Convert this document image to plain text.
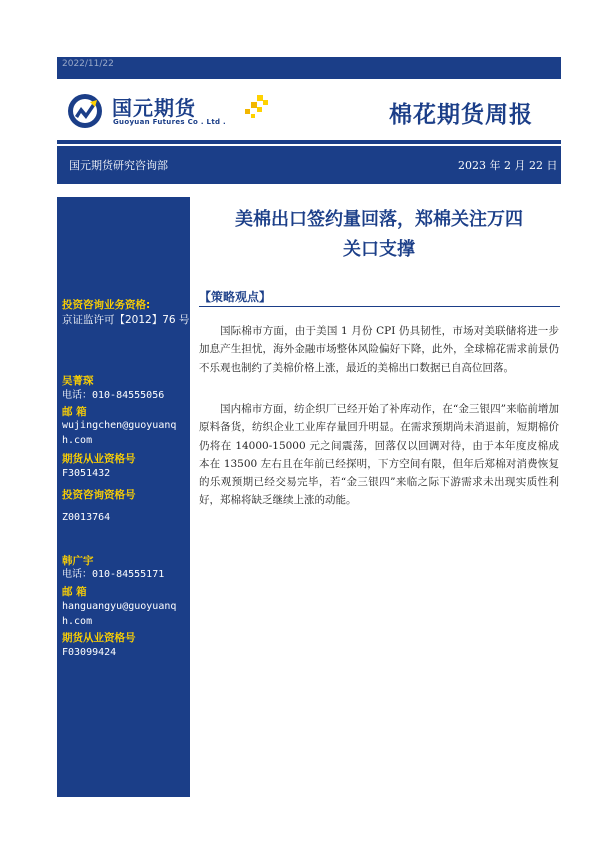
2022/11/22
国元期货
Guoyuan Futures Co . Ltd .	棉花期货周报
国元期货研究咨询部	2023 年 2 月 22 日
投资咨询业务资格:
京证监许可【2012】76 号
吴菁琛
电话：010-84555056
邮 箱
wujingchen@guoyuanq
h.com
期货从业资格号
F3051432
投资咨询资格号
Z0013764
韩广宇
电话：010-84555171
邮 箱
hanguangyu@guoyuanq
h.com
期货从业资格号
F03099424
美棉出口签约量回落，郑棉关注万四
关口支撑
【策略观点】

国际棉市方面，由于美国 1 月份 CPI 仍具韧性，市场对美联储将进一步加息产生担忧，海外金融市场整体风险偏好下降，此外，全球棉花需求前景仍不乐观也制约了美棉价格上涨，最近的美棉出口数据已自高位回落。

国内棉市方面，纺企织厂已经开始了补库动作，在“金三银四”来临前增加原料备货，纺织企业工业库存量回升明显。在需求预期尚未消退前，短期棉价仍将在 14000-15000 元之间震荡，回落仅以回调对待，由于本年度皮棉成本在 13500 左右且在年前已经探明，下方空间有限，但年后郑棉对消费恢复的乐观预期已经交易完毕，若“金三银四”来临之际下游需求未出现实质性利好，郑棉将缺乏继续上涨的动能。
